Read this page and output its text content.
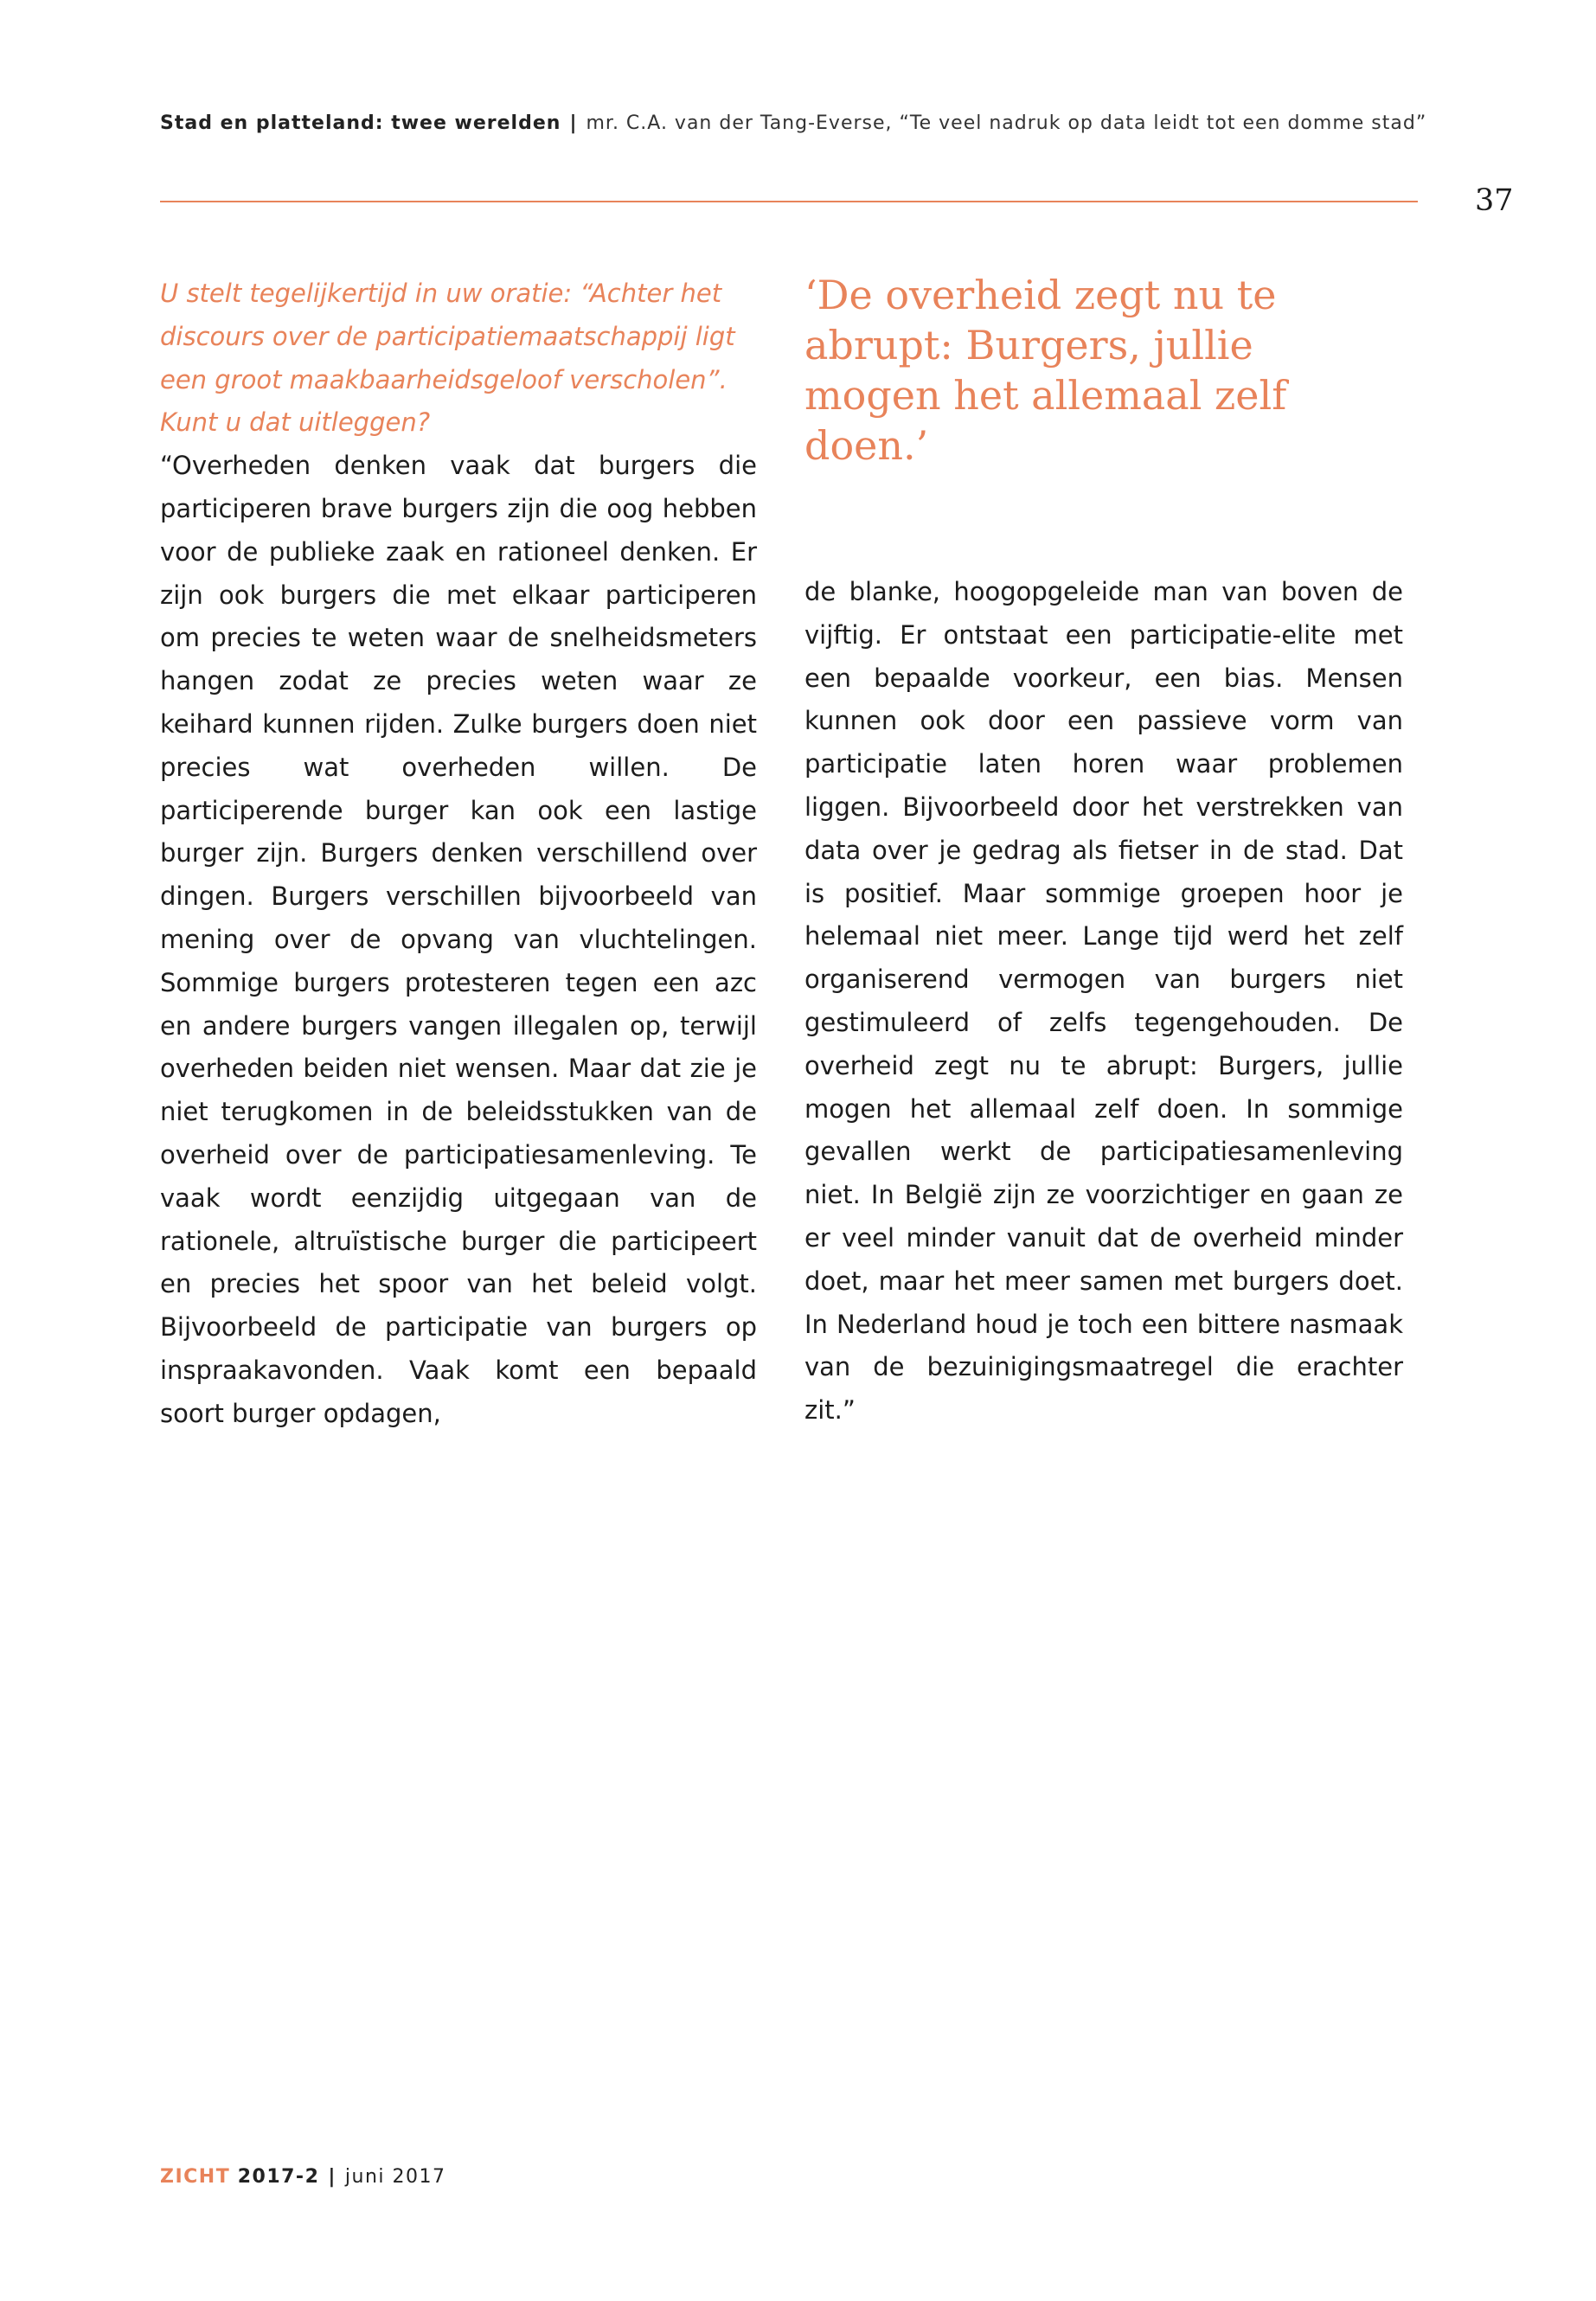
Stad en platteland: twee werelden | mr. C.A. van der Tang-Everse, “Te veel nadruk op data leidt tot een domme stad”
37

U stelt tegelijkertijd in uw oratie: “Achter het discours over de participatiemaatschappij ligt een groot maakbaarheidsgeloof verscholen”. Kunt u dat uitleggen?

“Overheden denken vaak dat burgers die participeren brave burgers zijn die oog hebben voor de publieke zaak en rationeel denken. Er zijn ook burgers die met elkaar participeren om precies te weten waar de snelheidsmeters hangen zodat ze precies weten waar ze keihard kunnen rijden. Zulke burgers doen niet precies wat overheden willen. De participerende burger kan ook een lastige burger zijn. Burgers denken verschillend over dingen. Burgers verschillen bijvoorbeeld van mening over de opvang van vluchtelingen. Sommige burgers protesteren tegen een azc en andere burgers vangen illegalen op, terwijl overheden beiden niet wensen. Maar dat zie je niet terugkomen in de beleidsstukken van de overheid over de participatiesamenleving. Te vaak wordt eenzijdig uitgegaan van de rationele, altruïstische burger die participeert en precies het spoor van het beleid volgt. Bijvoorbeeld de participatie van burgers op inspraakavonden. Vaak komt een bepaald soort burger opdagen,

‘De overheid zegt nu te abrupt: Burgers, jullie mogen het allemaal zelf doen.’

de blanke, hoogopgeleide man van boven de vijftig. Er ontstaat een participatie-elite met een bepaalde voorkeur, een bias. Mensen kunnen ook door een passieve vorm van participatie laten horen waar problemen liggen. Bijvoorbeeld door het verstrekken van data over je gedrag als fietser in de stad. Dat is positief. Maar sommige groepen hoor je helemaal niet meer. Lange tijd werd het zelf organiserend vermogen van burgers niet gestimuleerd of zelfs tegengehouden. De overheid zegt nu te abrupt: Burgers, jullie mogen het allemaal zelf doen. In sommige gevallen werkt de participatiesamenleving niet. In België zijn ze voorzichtiger en gaan ze er veel minder vanuit dat de overheid minder doet, maar het meer samen met burgers doet. In Nederland houd je toch een bittere nasmaak van de bezuinigingsmaatregel die erachter zit.”

ZICHT 2017-2 | juni 2017
